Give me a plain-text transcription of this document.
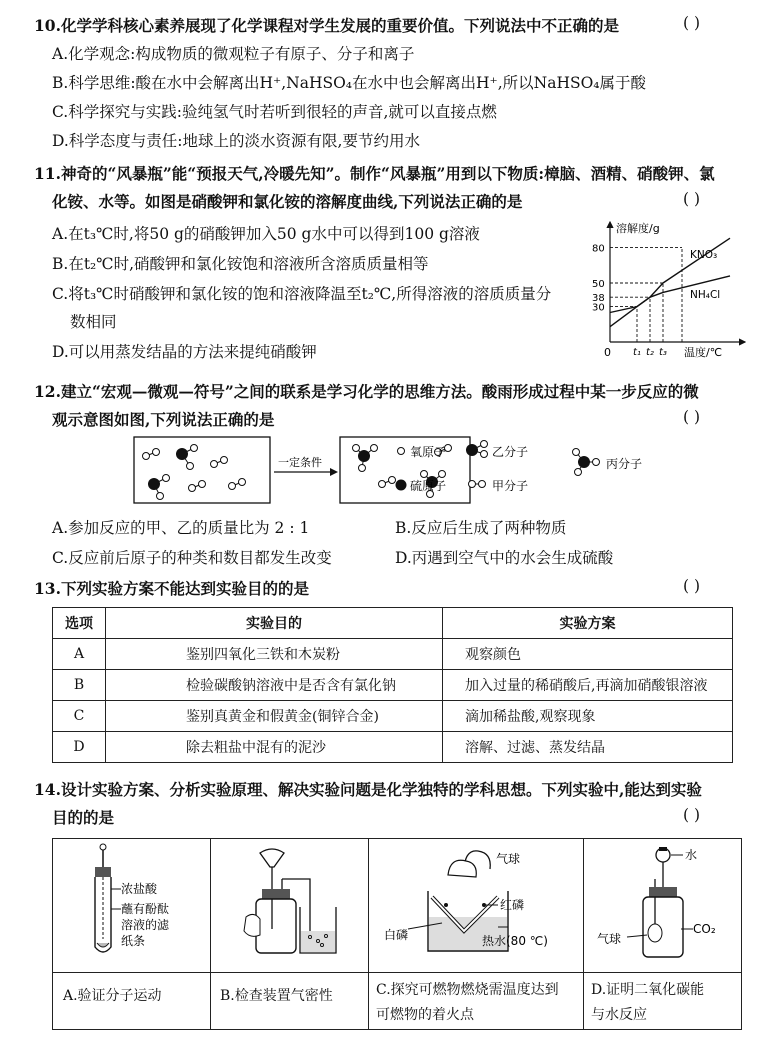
10.化学学科核心素养展现了化学课程对学生发展的重要价值。下列说法中不正确的是	( )
A.化学观念:构成物质的微观粒子有原子、分子和离子
B.科学思维:酸在水中会解离出H⁺,NaHSO₄在水中也会解离出H⁺,所以NaHSO₄属于酸
C.科学探究与实践:验纯氢气时若听到很轻的声音,就可以直接点燃
D.科学态度与责任:地球上的淡水资源有限,要节约用水
11.神奇的“风暴瓶”能“预报天气,冷暖先知”。制作“风暴瓶”用到以下物质:樟脑、酒精、硝酸钾、氯
化铵、水等。如图是硝酸钾和氯化铵的溶解度曲线,下列说法正确的是	( )
A.在t₃℃时,将50 g的硝酸钾加入50 g水中可以得到100 g溶液
B.在t₂℃时,硝酸钾和氯化铵饱和溶液所含溶质质量相等
C.将t₃℃时硝酸钾和氯化铵的饱和溶液降温至t₂℃,所得溶液的溶质质量分
数相同
D.可以用蒸发结晶的方法来提纯硝酸钾
溶解度/g
温度/℃
0
80
50
38
30
t₁ t₂ t₃
KNO₃
NH₄Cl
12.建立“宏观—微观—符号”之间的联系是学习化学的思维方法。酸雨形成过程中某一步反应的微
观示意图如图,下列说法正确的是	( )
一定条件
氧原子	乙分子
丙分子
硫原子	甲分子
A.参加反应的甲、乙的质量比为 2 : 1	B.反应后生成了两种物质
C.反应前后原子的种类和数目都发生改变	D.丙遇到空气中的水会生成硫酸
13.下列实验方案不能达到实验目的的是	( )
选项	实验目的	实验方案
A	鉴别四氧化三铁和木炭粉	观察颜色
B	检验碳酸钠溶液中是否含有氯化钠	加入过量的稀硝酸后,再滴加硝酸银溶液
C	鉴别真黄金和假黄金(铜锌合金)	滴加稀盐酸,观察现象
D	除去粗盐中混有的泥沙	溶解、过滤、蒸发结晶
14.设计实验方案、分析实验原理、解决实验问题是化学独特的学科思想。下列实验中,能达到实验
目的的是	( )
浓盐酸
蘸有酚酞
溶液的滤
纸条
A.验证分子运动	B.检查装置气密性
气球
红磷
白磷	热水(80 ℃)
C.探究可燃物燃烧需温度达到
可燃物的着火点
水
CO₂
气球
D.证明二氧化碳能
与水反应
